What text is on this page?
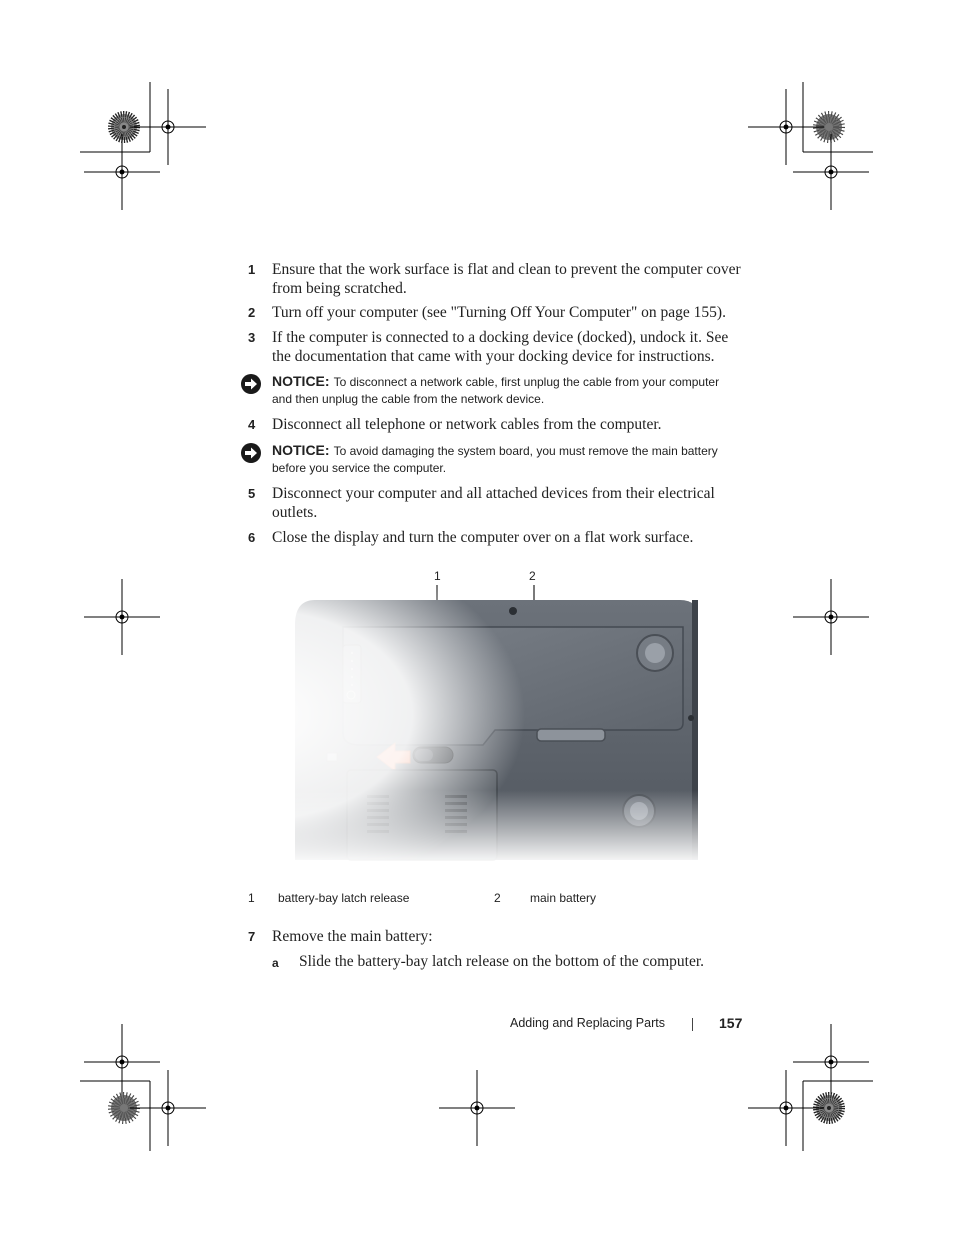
1	Ensure that the work surface is flat and clean to prevent the computer cover from being scratched.
2	Turn off your computer (see "Turning Off Your Computer" on page 155).
3	If the computer is connected to a docking device (docked), undock it. See the documentation that came with your docking device for instructions.
NOTICE: To disconnect a network cable, first unplug the cable from your computer and then unplug the cable from the network device.
4	Disconnect all telephone or network cables from the computer.
NOTICE: To avoid damaging the system board, you must remove the main battery before you service the computer.
5	Disconnect your computer and all attached devices from their electrical outlets.
6	Close the display and turn the computer over on a flat work surface.
1 battery-bay latch release	2 main battery
7	Remove the main battery:
a Slide the battery-bay latch release on the bottom of the computer.
Adding and Replacing Parts	157
